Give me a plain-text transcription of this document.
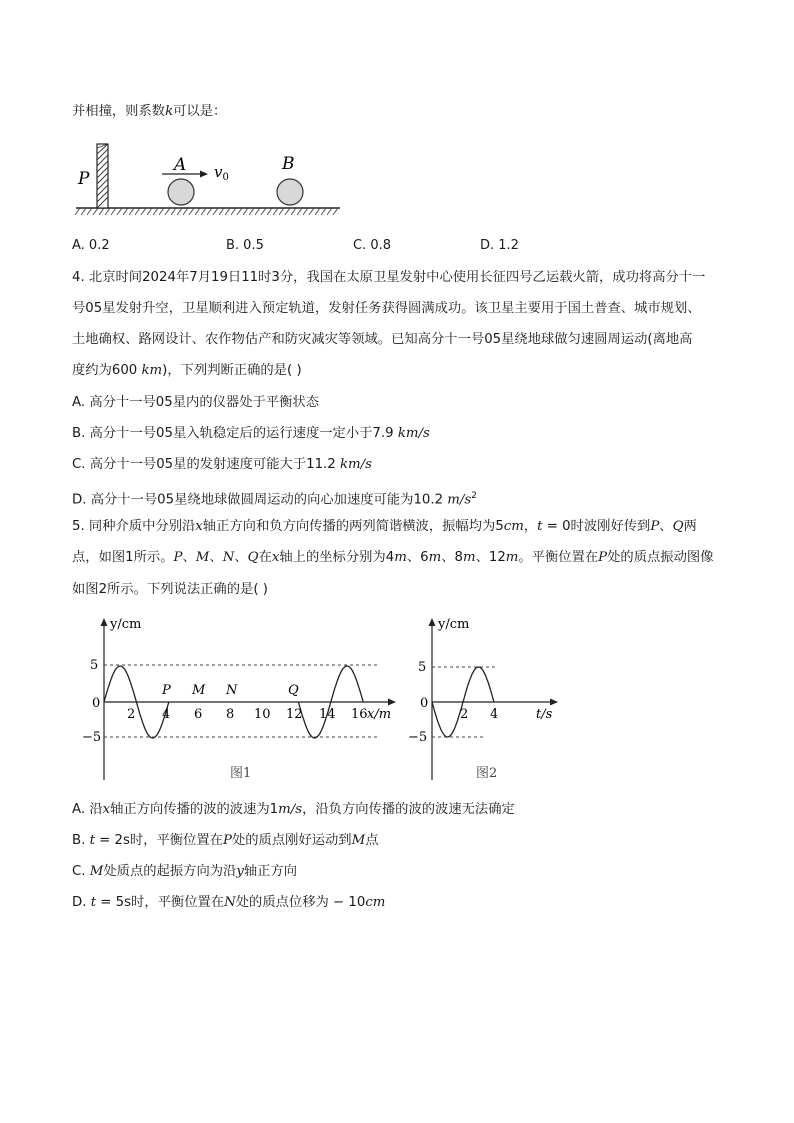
并相撞，则系数k可以是：
P
A $v_0$
B
A. 0.2	B. 0.5	C. 0.8	D. 1.2
4. 北京时间2024年7月19日11时3分，我国在太原卫星发射中心使用长征四号乙运载火箭，成功将高分十一
号05星发射升空，卫星顺利进入预定轨道，发射任务获得圆满成功。该卫星主要用于国土普查、城市规划、
土地确权、路网设计、农作物估产和防灾减灾等领域。已知高分十一号05星绕地球做匀速圆周运动(离地高
度约为600 km)，下列判断正确的是( )
A. 高分十一号05星内的仪器处于平衡状态
B. 高分十一号05星入轨稳定后的运行速度一定小于7.9 km/s
C. 高分十一号05星的发射速度可能大于11.2 km/s
D. 高分十一号05星绕地球做圆周运动的向心加速度可能为10.2 $m/s^2$
5. 同种介质中分别沿x轴正方向和负方向传播的两列简谐横波，振幅均为5cm，t = 0时波刚好传到P、Q两
点，如图1所示。P、M、N、Q在x轴上的坐标分别为4m、6m、8m、12m。平衡位置在P处的质点振动图像
如图2所示。下列说法正确的是( )
y/cm
5
0
−5
2 4 6 8 10 12 14 16 x/m
P M N	Q
图1
y/cm
5
0
−5
2 4	t/s
图2
A. 沿x轴正方向传播的波的波速为1m/s，沿负方向传播的波的波速无法确定
B. t = 2s时，平衡位置在P处的质点刚好运动到M点
C. M处质点的起振方向为沿y轴正方向
D. t = 5s时，平衡位置在N处的质点位移为 − 10cm
